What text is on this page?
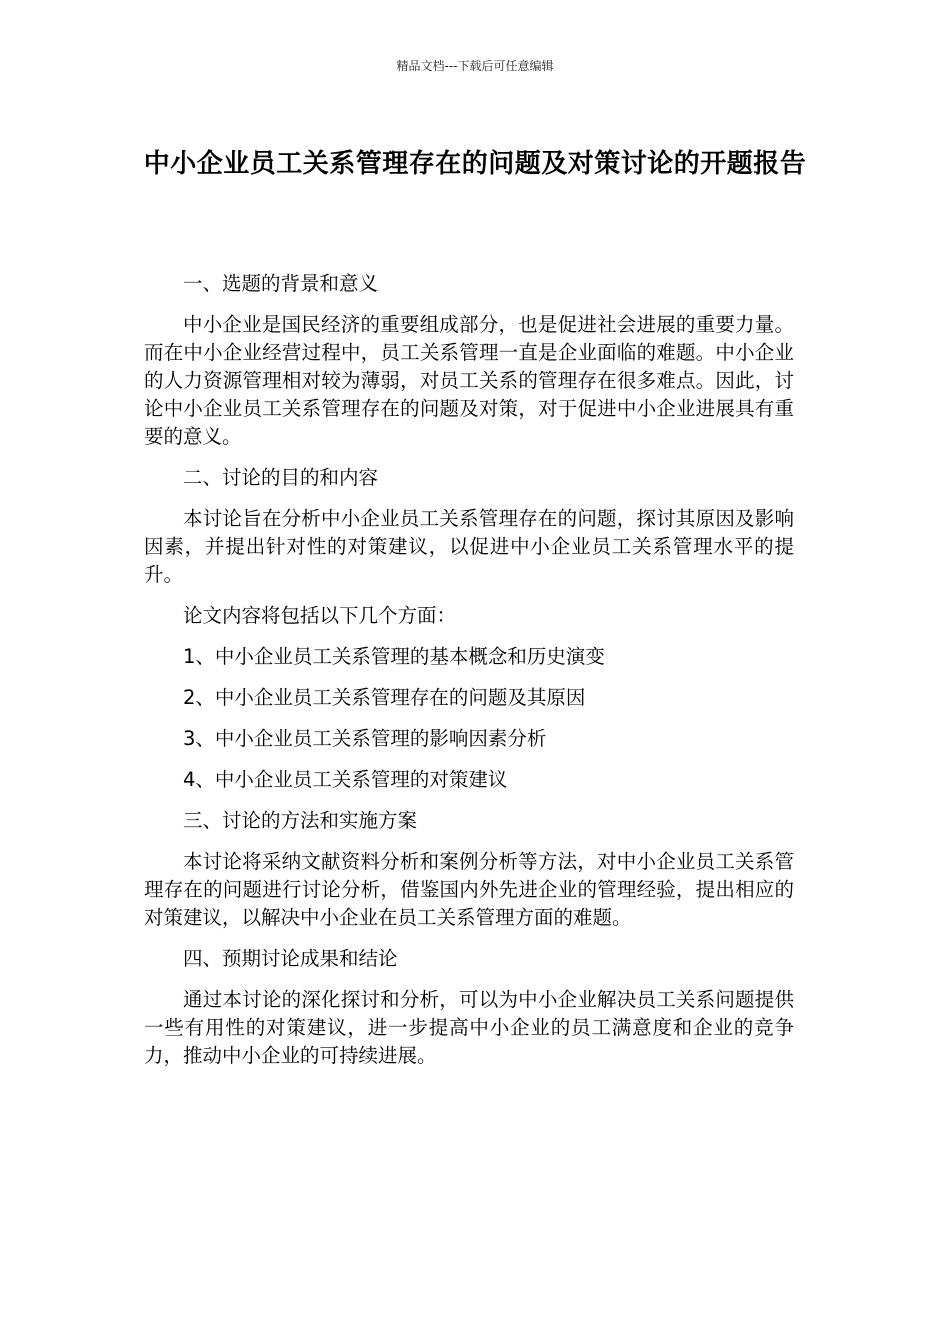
精品文档---下载后可任意编辑
中小企业员工关系管理存在的问题及对策讨论的开题报告

一、选题的背景和意义

中小企业是国民经济的重要组成部分，也是促进社会进展的重要力量。而在中小企业经营过程中，员工关系管理一直是企业面临的难题。中小企业的人力资源管理相对较为薄弱，对员工关系的管理存在很多难点。因此，讨论中小企业员工关系管理存在的问题及对策，对于促进中小企业进展具有重要的意义。

二、讨论的目的和内容

本讨论旨在分析中小企业员工关系管理存在的问题，探讨其原因及影响因素，并提出针对性的对策建议，以促进中小企业员工关系管理水平的提升。

论文内容将包括以下几个方面：

1、中小企业员工关系管理的基本概念和历史演变

2、中小企业员工关系管理存在的问题及其原因

3、中小企业员工关系管理的影响因素分析

4、中小企业员工关系管理的对策建议

三、讨论的方法和实施方案

本讨论将采纳文献资料分析和案例分析等方法，对中小企业员工关系管理存在的问题进行讨论分析，借鉴国内外先进企业的管理经验，提出相应的对策建议，以解决中小企业在员工关系管理方面的难题。

四、预期讨论成果和结论

通过本讨论的深化探讨和分析，可以为中小企业解决员工关系问题提供一些有用性的对策建议，进一步提高中小企业的员工满意度和企业的竞争力，推动中小企业的可持续进展。
